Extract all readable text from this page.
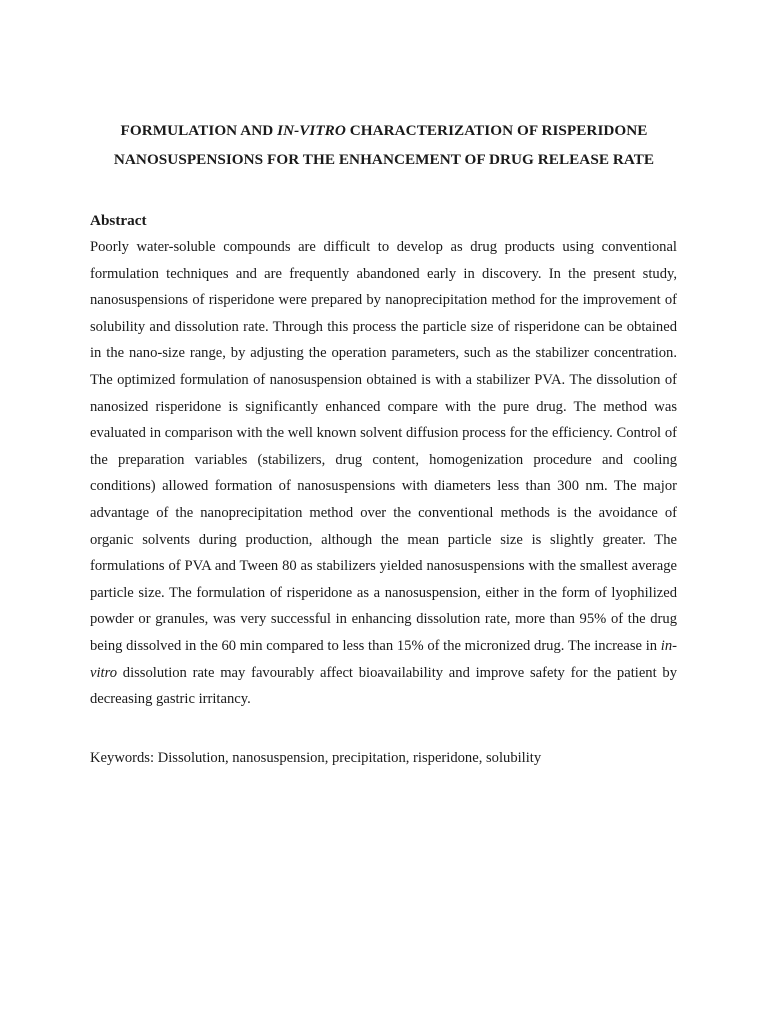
FORMULATION AND IN-VITRO CHARACTERIZATION OF RISPERIDONE
NANOSUSPENSIONS FOR THE ENHANCEMENT OF DRUG RELEASE RATE
Abstract
Poorly water-soluble compounds are difficult to develop as drug products using conventional formulation techniques and are frequently abandoned early in discovery. In the present study, nanosuspensions of risperidone were prepared by nanoprecipitation method for the improvement of solubility and dissolution rate. Through this process the particle size of risperidone can be obtained in the nano-size range, by adjusting the operation parameters, such as the stabilizer concentration. The optimized formulation of nanosuspension obtained is with a stabilizer PVA. The dissolution of nanosized risperidone is significantly enhanced compare with the pure drug. The method was evaluated in comparison with the well known solvent diffusion process for the efficiency. Control of the preparation variables (stabilizers, drug content, homogenization procedure and cooling conditions) allowed formation of nanosuspensions with diameters less than 300 nm. The major advantage of the nanoprecipitation method over the conventional methods is the avoidance of organic solvents during production, although the mean particle size is slightly greater. The formulations of PVA and Tween 80 as stabilizers yielded nanosuspensions with the smallest average particle size. The formulation of risperidone as a nanosuspension, either in the form of lyophilized powder or granules, was very successful in enhancing dissolution rate, more than 95% of the drug being dissolved in the 60 min compared to less than 15% of the micronized drug. The increase in in-vitro dissolution rate may favourably affect bioavailability and improve safety for the patient by decreasing gastric irritancy.
Keywords: Dissolution, nanosuspension, precipitation, risperidone, solubility
